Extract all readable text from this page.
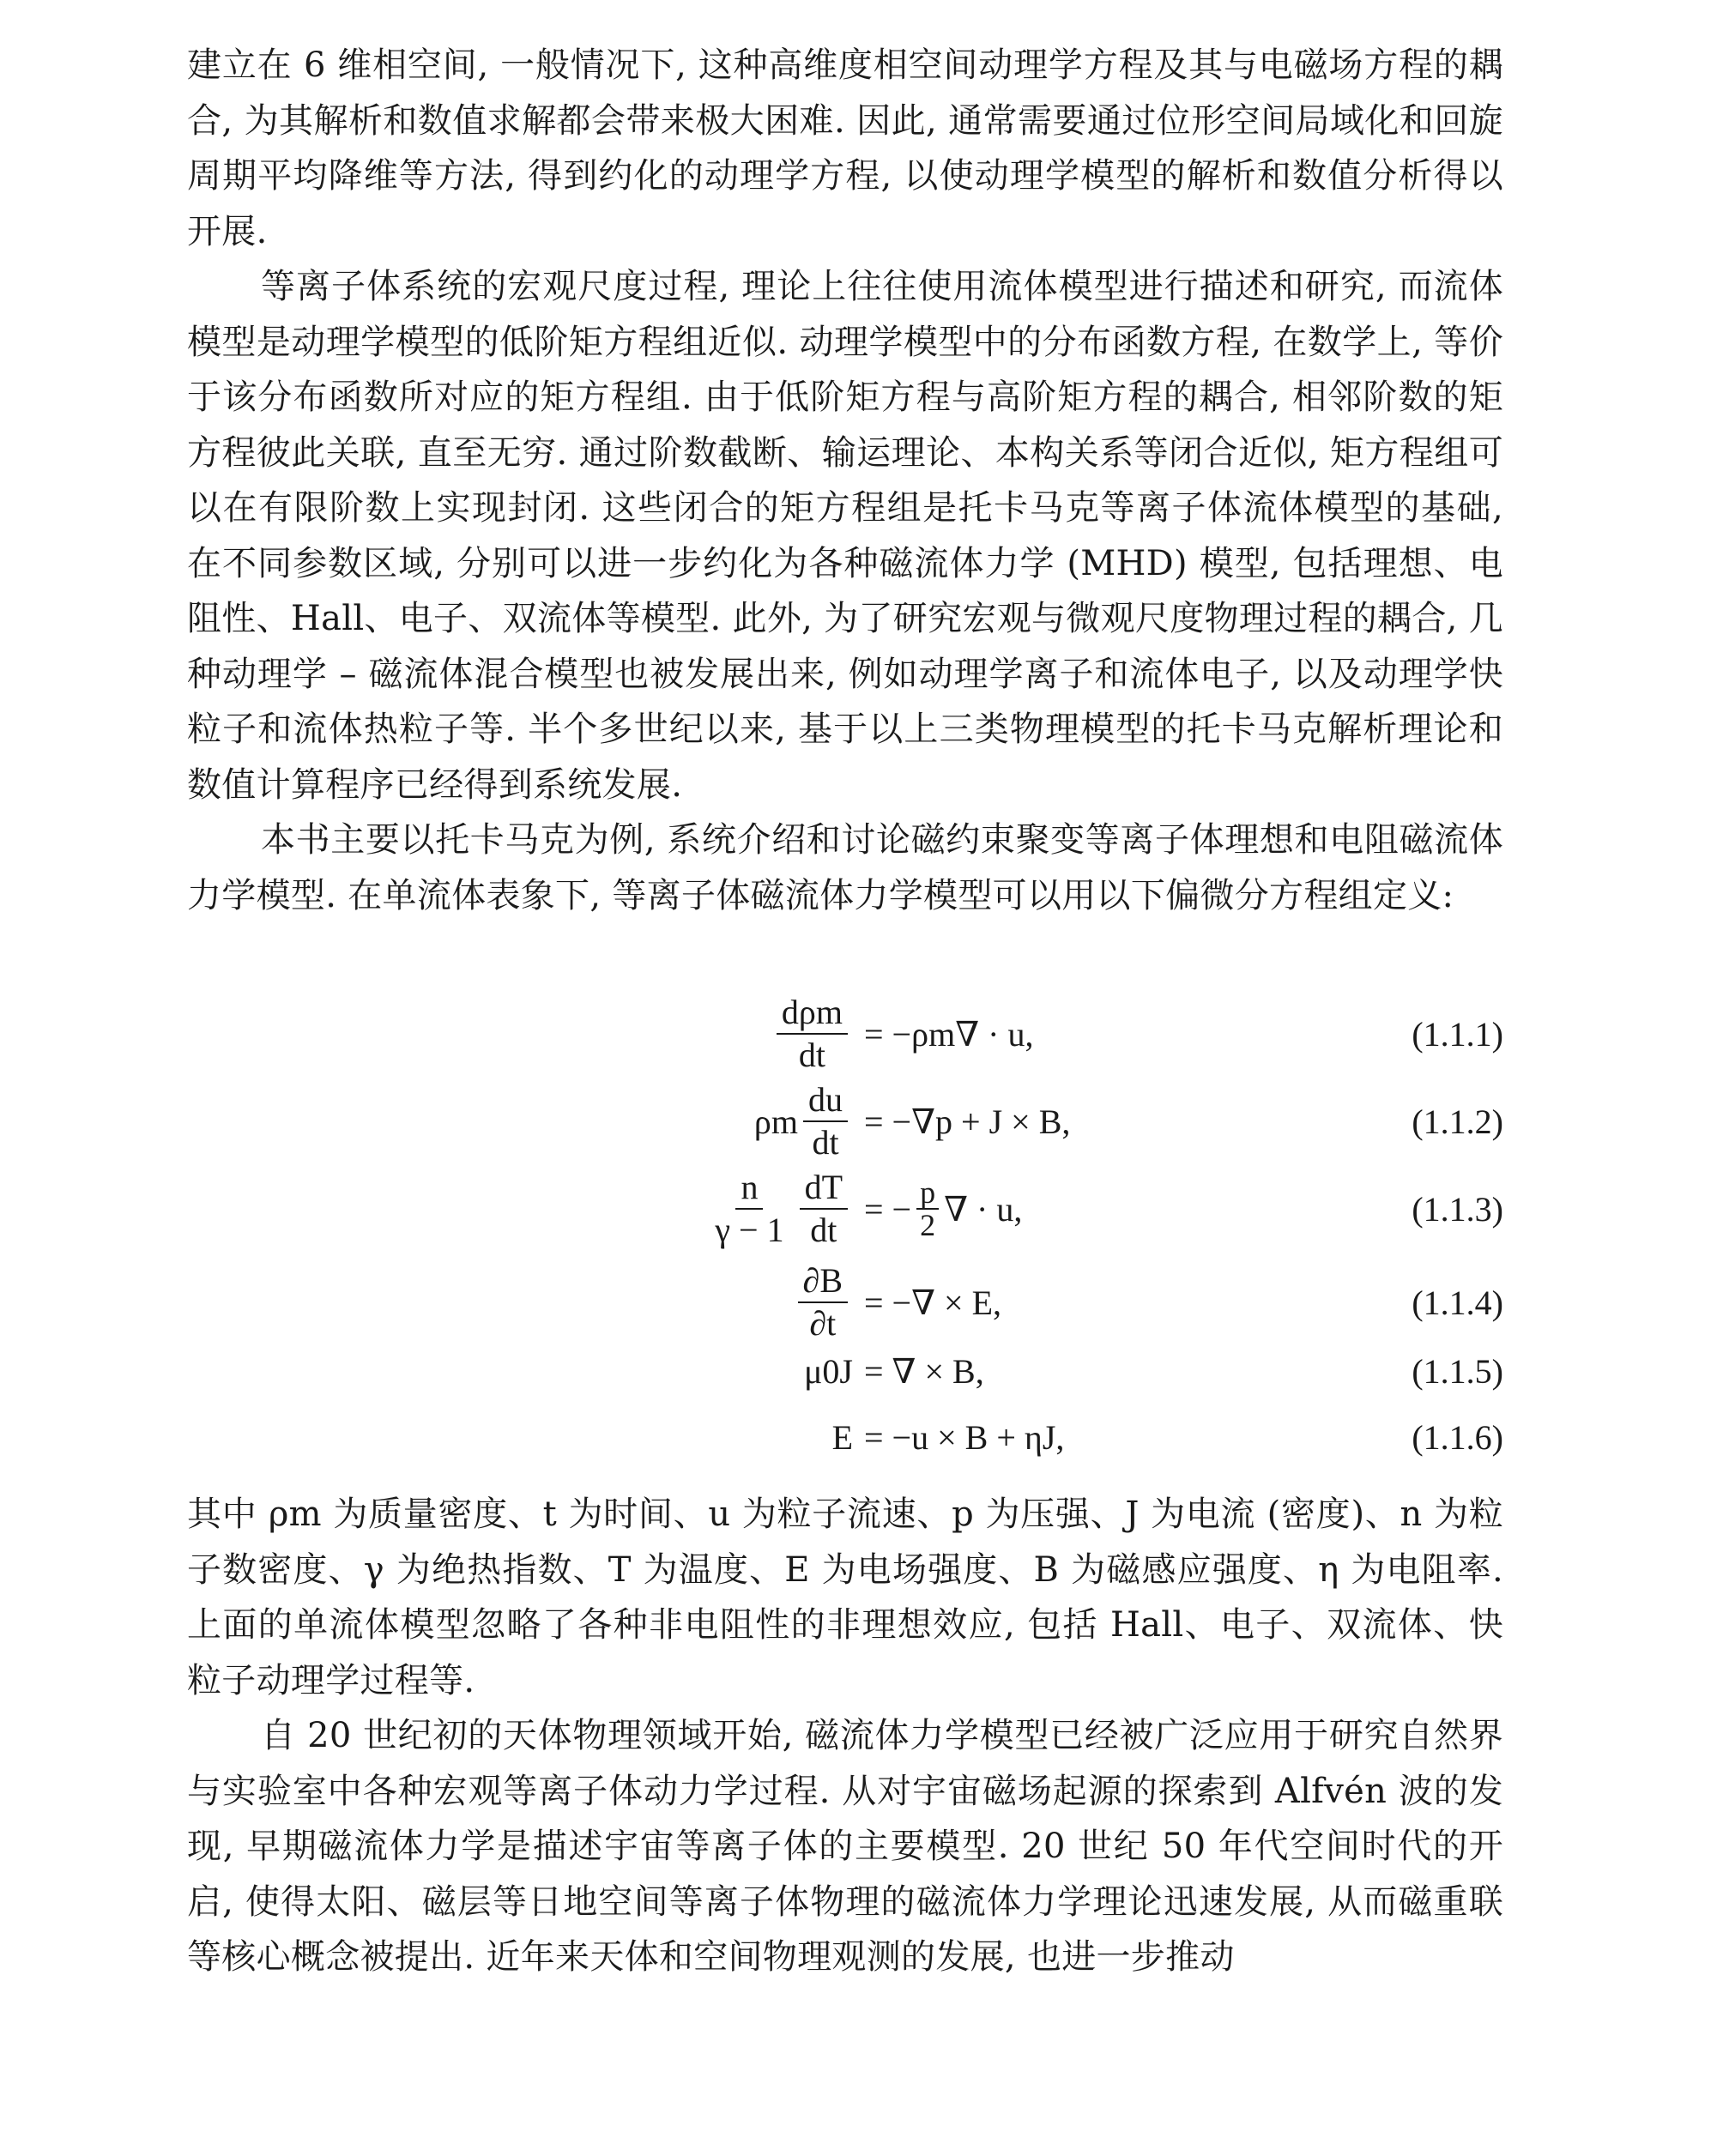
建立在 6 维相空间, 一般情况下, 这种高维度相空间动理学方程及其与电磁场方程的耦合, 为其解析和数值求解都会带来极大困难. 因此, 通常需要通过位形空间局域化和回旋周期平均降维等方法, 得到约化的动理学方程, 以使动理学模型的解析和数值分析得以开展.

等离子体系统的宏观尺度过程, 理论上往往使用流体模型进行描述和研究, 而流体模型是动理学模型的低阶矩方程组近似. 动理学模型中的分布函数方程, 在数学上, 等价于该分布函数所对应的矩方程组. 由于低阶矩方程与高阶矩方程的耦合, 相邻阶数的矩方程彼此关联, 直至无穷. 通过阶数截断、输运理论、本构关系等闭合近似, 矩方程组可以在有限阶数上实现封闭. 这些闭合的矩方程组是托卡马克等离子体流体模型的基础, 在不同参数区域, 分别可以进一步约化为各种磁流体力学 (MHD) 模型, 包括理想、电阻性、Hall、电子、双流体等模型. 此外, 为了研究宏观与微观尺度物理过程的耦合, 几种动理学 – 磁流体混合模型也被发展出来, 例如动理学离子和流体电子, 以及动理学快粒子和流体热粒子等. 半个多世纪以来, 基于以上三类物理模型的托卡马克解析理论和数值计算程序已经得到系统发展.

本书主要以托卡马克为例, 系统介绍和讨论磁约束聚变等离子体理想和电阻磁流体力学模型. 在单流体表象下, 等离子体磁流体力学模型可以用以下偏微分方程组定义:

$\frac{\text{dρm}}{dt} = -\rho m\nabla \cdot u$,	(1.1.1)
ρm $\frac{du}{dt} = -\nabla p + J \times B$,	(1.1.2)
$\frac{n}{\gamma - 1} \frac{dT}{dt}$ = − $\frac{p}{2}$ ∇ · u,	(1.1.3)
$\frac{\partial B}{\partial t}$ = −∇ × E,	(1.1.4)
μ0J = ∇ × B,	(1.1.5)
E = −u × B + ηJ,	(1.1.6)

其中 ρm 为质量密度、t 为时间、u 为粒子流速、p 为压强、J 为电流 (密度)、n 为粒子数密度、γ 为绝热指数、T 为温度、E 为电场强度、B 为磁感应强度、η 为电阻率. 上面的单流体模型忽略了各种非电阻性的非理想效应, 包括 Hall、电子、双流体、快粒子动理学过程等.

自 20 世纪初的天体物理领域开始, 磁流体力学模型已经被广泛应用于研究自然界与实验室中各种宏观等离子体动力学过程. 从对宇宙磁场起源的探索到 Alfvén 波的发现, 早期磁流体力学是描述宇宙等离子体的主要模型. 20 世纪 50 年代空间时代的开启, 使得太阳、磁层等日地空间等离子体物理的磁流体力学理论迅速发展, 从而磁重联等核心概念被提出. 近年来天体和空间物理观测的发展, 也进一步推动
